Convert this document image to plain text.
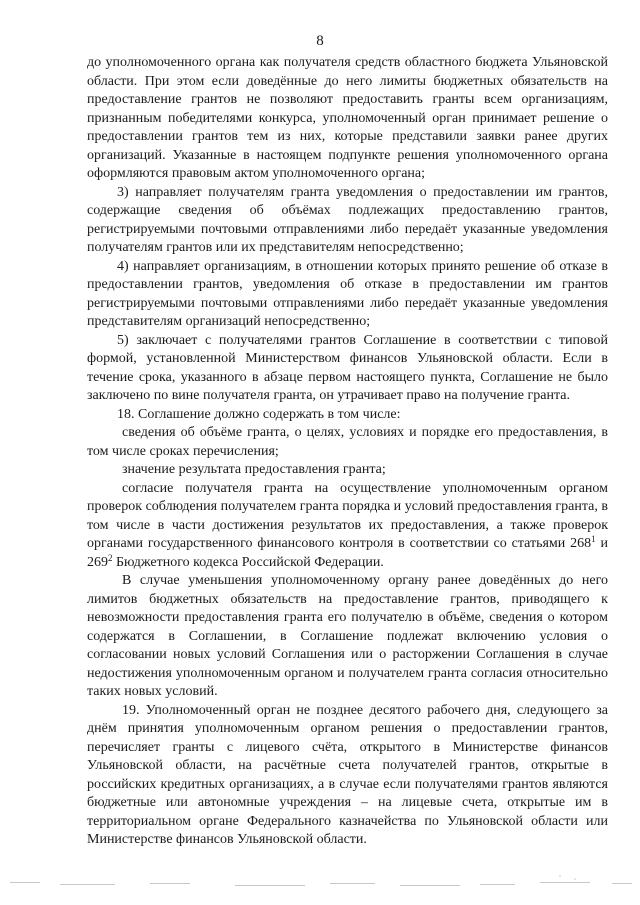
8

до уполномоченного органа как получателя средств областного бюджета Ульяновской области. При этом если доведённые до него лимиты бюджетных обязательств на предоставление грантов не позволяют предоставить гранты всем организациям, признанным победителями конкурса, уполномоченный орган принимает решение о предоставлении грантов тем из них, которые представили заявки ранее других организаций. Указанные в настоящем подпункте решения уполномоченного органа оформляются правовым актом уполномоченного органа;

3) направляет получателям гранта уведомления о предоставлении им грантов, содержащие сведения об объёмах подлежащих предоставлению грантов, регистрируемыми почтовыми отправлениями либо передаёт указанные уведомления получателям грантов или их представителям непосредственно;

4) направляет организациям, в отношении которых принято решение об отказе в предоставлении грантов, уведомления об отказе в предоставлении им грантов регистрируемыми почтовыми отправлениями либо передаёт указанные уведомления представителям организаций непосредственно;

5) заключает с получателями грантов Соглашение в соответствии с типовой формой, установленной Министерством финансов Ульяновской области. Если в течение срока, указанного в абзаце первом настоящего пункта, Соглашение не было заключено по вине получателя гранта, он утрачивает право на получение гранта.

18. Соглашение должно содержать в том числе:

сведения об объёме гранта, о целях, условиях и порядке его предоставления, в том числе сроках перечисления;

значение результата предоставления гранта;

согласие получателя гранта на осуществление уполномоченным органом проверок соблюдения получателем гранта порядка и условий предоставления гранта, в том числе в части достижения результатов их предоставления, а также проверок органами государственного финансового контроля в соответствии со статьями $268^1$ и $269^2$ Бюджетного кодекса Российской Федерации.

В случае уменьшения уполномоченному органу ранее доведённых до него лимитов бюджетных обязательств на предоставление грантов, приводящего к невозможности предоставления гранта его получателю в объёме, сведения о котором содержатся в Соглашении, в Соглашение подлежат включению условия о согласовании новых условий Соглашения или о расторжении Соглашения в случае недостижения уполномоченным органом и получателем гранта согласия относительно таких новых условий.

19. Уполномоченный орган не позднее десятого рабочего дня, следующего за днём принятия уполномоченным органом решения о предоставлении грантов, перечисляет гранты с лицевого счёта, открытого в Министерстве финансов Ульяновской области, на расчётные счета получателей грантов, открытые в российских кредитных организациях, а в случае если получателями грантов являются бюджетные или автономные учреждения – на лицевые счета, открытые им в территориальном органе Федерального казначейства по Ульяновской области или Министерстве финансов Ульяновской области.
